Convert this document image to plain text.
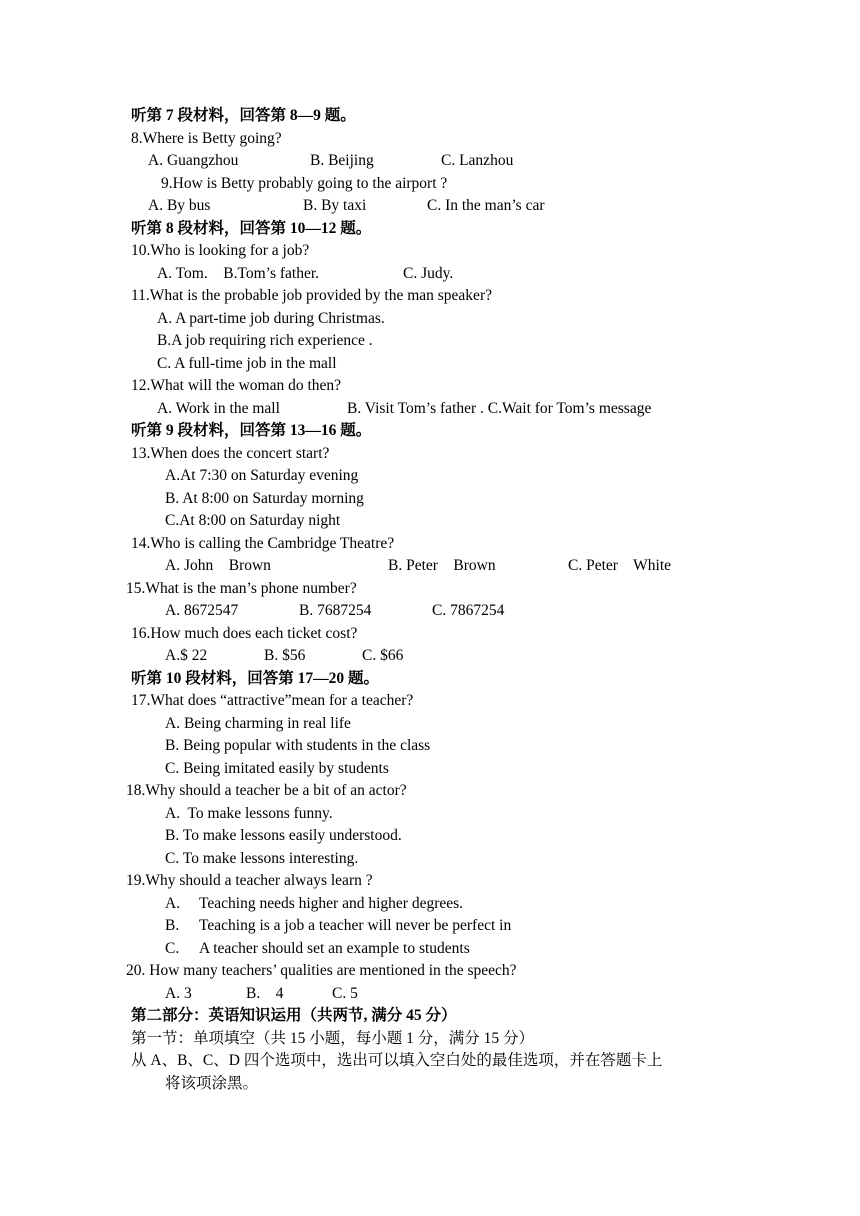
听第 7 段材料，回答第 8—9 题。
8.Where is Betty going?
A. Guangzhou	B. Beijing	C. Lanzhou
9.How is Betty probably going to the airport ?
A. By bus	B. By taxi	C. In the man’s car
听第 8 段材料，回答第 10—12 题。
10.Who is looking for a job?
A. Tom.    B.Tom’s father.	C. Judy.
11.What is the probable job provided by the man speaker?
A. A part-time job during Christmas.
B.A job requiring rich experience .
C. A full-time job in the mall
12.What will the woman do then?
A. Work in the mall	B. Visit Tom’s father . C.Wait for Tom’s message
听第 9 段材料，回答第 13—16 题。
13.When does the concert start?
A.At 7:30 on Saturday evening
B. At 8:00 on Saturday morning
C.At 8:00 on Saturday night
14.Who is calling the Cambridge Theatre?
A. John    Brown	B. Peter    Brown	C. Peter    White
15.What is the man’s phone number?
A. 8672547	B. 7687254	C. 7867254
16.How much does each ticket cost?
A.$ 22	B. $56	C. $66
听第 10 段材料，回答第 17—20 题。
17.What does “attractive”mean for a teacher?
A. Being charming in real life
B. Being popular with students in the class
C. Being imitated easily by students
18.Why should a teacher be a bit of an actor?
A.  To make lessons funny.
B. To make lessons easily understood.
C. To make lessons interesting.
19.Why should a teacher always learn ?
A. Teaching needs higher and higher degrees.
B. Teaching is a job a teacher will never be perfect in
C. A teacher should set an example to students
20. How many teachers’ qualities are mentioned in the speech?
A. 3	B.    4	C. 5
第二部分：英语知识运用（共两节, 满分 45 分）
第一节：单项填空（共 15 小题，每小题 1 分，满分 15 分）
从 A、B、C、D 四个选项中，选出可以填入空白处的最佳选项，并在答题卡上
将该项涂黑。
